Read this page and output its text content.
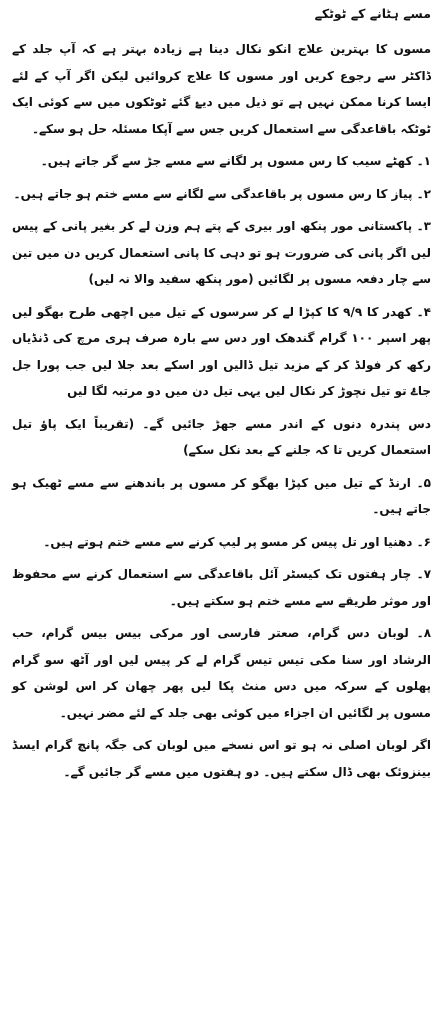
مسے ہٹانے کے ٹوٹکے
مسوں کا بہترین علاج انکو نکال دینا ہے زیادہ بہتر ہے کہ آپ جلد کے ڈاکٹر سے رجوع کریں اور مسوں کا علاج کروائیں لیکن اگر آپ کے لئے ایسا کرنا ممکن نہیں ہے تو ذیل میں دیۓ گئے ٹوٹکوں میں سے کوئی ایک ٹوٹکہ باقاعدگی سے استعمال کریں جس سے آپکا مسئلہ حل ہو سکے۔
۱۔ کھٹے سیب کا رس مسوں پر لگانے سے مسے جڑ سے گر جاتے ہیں۔
۲۔ پیاز کا رس مسوں پر باقاعدگی سے لگانے سے مسے ختم ہو جاتے ہیں۔
۳۔ پاکستانی مور پنکھ اور بیری کے پتے ہم وزن لے کر بغیر پانی کے پیس لیں اگر پانی کی ضرورت ہو تو دہی کا پانی استعمال کریں دن میں تین سے چار دفعہ مسوں پر لگائیں (مور پنکھ سفید والا نہ لیں)
۴۔ کھدر کا ۹/۹ کا کپڑا لے کر سرسوں کے تیل میں اچھی طرح بھگو لیں پھر اسپر ۱۰۰ گرام گندھک اور دس سے بارہ صرف ہری مرچ کی ڈنڈیاں رکھ کر فولڈ کر کے مزید تیل ڈالیں اور اسکے بعد جلا لیں جب پورا جل جاۓ تو تیل نچوڑ کر نکال لیں یہی تیل دن میں دو مرتبہ لگا لیں
دس پندرہ دنوں کے اندر مسے جھڑ جائیں گے۔ (تقریباً ایک پاؤ تیل استعمال کریں تا کہ جلنے کے بعد نکل سکے)
۵۔ ارنڈ کے تیل میں کپڑا بھگو کر مسوں پر باندھنے سے مسے ٹھیک ہو جاتے ہیں۔
۶۔ دھنیا اور تل پیس کر مسو پر لیپ کرنے سے مسے ختم ہوتے ہیں۔
۷۔ چار ہفتوں تک کیسٹر آئل باقاعدگی سے استعمال کرنے سے محفوظ اور موثر طریقے سے مسے ختم ہو سکتے ہیں۔
۸۔ لوبان دس گرام، صعتر فارسی اور مرکی بیس بیس گرام، حب الرشاد اور سنا مکی تیس تیس گرام لے کر پیس لیں اور آٹھ سو گرام پھلوں کے سرکہ میں دس منٹ پکا لیں پھر چھان کر اس لوشن کو مسوں پر لگائیں ان اجزاء میں کوئی بھی جلد کے لئے مضر نہیں۔
اگر لوبان اصلی نہ ہو تو اس نسخے میں لوبان کی جگہ پانچ گرام ایسڈ بینزوئک بھی ڈال سکتے ہیں۔ دو ہفتوں میں مسے گر جائیں گے۔
